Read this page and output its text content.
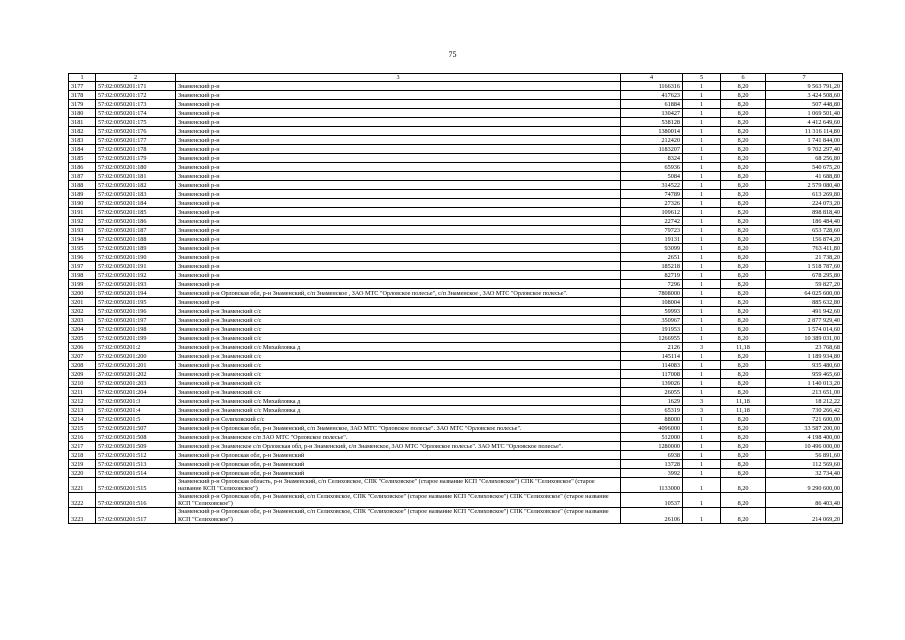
75
1	2	3	4	5	6	7
3177	57:02:0050201:171	Знаменский р-н	1166316	1	8,20	9 563 791,20
3178	57:02:0050201:172	Знаменский р-н	417623	1	8,20	3 424 508,60
3179	57:02:0050201:173	Знаменский р-н	61884	1	8,20	507 448,80
3180	57:02:0050201:174	Знаменский р-н	130427	1	8,20	1 069 501,40
3181	57:02:0050201:175	Знаменский р-н	538128	1	8,20	4 412 649,60
3182	57:02:0050201:176	Знаменский р-н	1380014	1	8,20	11 316 114,80
3183	57:02:0050201:177	Знаменский р-н	212420	1	8,20	1 741 844,00
3184	57:02:0050201:178	Знаменский р-н	1183207	1	8,20	9 702 297,40
3185	57:02:0050201:179	Знаменский р-н	8324	1	8,20	68 256,80
3186	57:02:0050201:180	Знаменский р-н	65936	1	8,20	540 675,20
3187	57:02:0050201:181	Знаменский р-н	5084	1	8,20	41 688,80
3188	57:02:0050201:182	Знаменский р-н	314522	1	8,20	2 579 080,40
3189	57:02:0050201:183	Знаменский р-н	74789	1	8,20	613 269,80
3190	57:02:0050201:184	Знаменский р-н	27326	1	8,20	224 073,20
3191	57:02:0050201:185	Знаменский р-н	109612	1	8,20	898 818,40
3192	57:02:0050201:186	Знаменский р-н	22742	1	8,20	186 484,40
3193	57:02:0050201:187	Знаменский р-н	79723	1	8,20	653 728,60
3194	57:02:0050201:188	Знаменский р-н	19131	1	8,20	156 874,20
3195	57:02:0050201:189	Знаменский р-н	93099	1	8,20	763 411,80
3196	57:02:0050201:190	Знаменский р-н	2651	1	8,20	21 738,20
3197	57:02:0050201:191	Знаменский р-н	185218	1	8,20	1 518 787,60
3198	57:02:0050201:192	Знаменский р-н	82719	1	8,20	678 295,80
3199	57:02:0050201:193	Знаменский р-н	7296	1	8,20	59 827,20
3200	57:02:0050201:194	Знаменский р-н Орловская обл, р-н Знаменский, с/п Знаменское , ЗАО МТС "Орловское полесье", с/п Знаменское , ЗАО МТС "Орловское полесье".	7808000	1	8,20	64 025 600,00
3201	57:02:0050201:195	Знаменский р-н	108004	1	8,20	885 632,80
3202	57:02:0050201:196	Знаменский р-н Знаменский с/с	59993	1	8,20	491 942,60
3203	57:02:0050201:197	Знаменский р-н Знаменский с/с	350967	1	8,20	2 877 929,40
3204	57:02:0050201:198	Знаменский р-н Знаменский с/с	191953	1	8,20	1 574 014,60
3205	57:02:0050201:199	Знаменский р-н Знаменский с/с	1266955	1	8,20	10 389 031,00
3206	57:02:0050201:2	Знаменский р-н Знаменский с/с Михайловка д	2126	3	11,18	23 768,68
3207	57:02:0050201:200	Знаменский р-н Знаменский с/с	145114	1	8,20	1 189 934,80
3208	57:02:0050201:201	Знаменский р-н Знаменский с/с	114083	1	8,20	935 480,60
3209	57:02:0050201:202	Знаменский р-н Знаменский с/с	117008	1	8,20	959 465,60
3210	57:02:0050201:203	Знаменский р-н Знаменский с/с	139026	1	8,20	1 140 013,20
3211	57:02:0050201:204	Знаменский р-н Знаменский с/с	26055	1	8,20	213 651,00
3212	57:02:0050201:3	Знаменский р-н Знаменский с/с Михайловка д	1629	3	11,18	18 212,22
3213	57:02:0050201:4	Знаменский р-н Знаменский с/с Михайловка д	65319	3	11,18	730 266,42
3214	57:02:0050201:5	Знаменский р-н Селиховский с/с	88000	1	8,20	721 600,00
3215	57:02:0050201:507	Знаменский р-н Орловская обл, р-н Знаменский, с/п Знаменское, ЗАО МТС "Орловское полесье". ЗАО МТС "Орловское полесье".	4096000	1	8,20	33 587 200,00
3216	57:02:0050201:508	Знаменский р-н Знаменское с/п ЗАО МТС "Орловское полесье".	512000	1	8,20	4 198 400,00
3217	57:02:0050201:509	Знаменский р-н Знаменское с/п Орловская обл, р-н Знаменский, с/п Знаменское, ЗАО МТС "Орловское полесье". ЗАО МТС "Орловское полесье".	1280000	1	8,20	10 496 000,00
3218	57:02:0050201:512	Знаменский р-н Орловская обл, р-н Знаменский	6938	1	8,20	56 891,60
3219	57:02:0050201:513	Знаменский р-н Орловская обл, р-н Знаменский	13728	1	8,20	112 569,60
3220	57:02:0050201:514	Знаменский р-н Орловская обл, р-н Знаменский	3992	1	8,20	32 734,40
3221	57:02:0050201:515	Знаменский р-н Орловская область, р-н Знаменский, с/п Селиховское, СПК "Селиховское" (старое название КСП "Селиховское") СПК "Селиховское" (старое название КСП "Селиховское")	1133000	1	8,20	9 290 600,00
3222	57:02:0050201:516	Знаменский р-н Орловская обл, р-н Знаменский, с/п Селиховское, СПК "Селиховское" (старое название КСП "Селиховское") СПК "Селиховское" (старое название КСП "Селиховское")	10537	1	8,20	86 403,40
3223	57:02:0050201:517	Знаменский р-н Орловская обл, р-н Знаменский, с/п Селиховское, СПК "Селиховское" (старое название КСП "Селиховское") СПК "Селиховское" (старое название КСП "Селиховское")	26106	1	8,20	214 069,20
